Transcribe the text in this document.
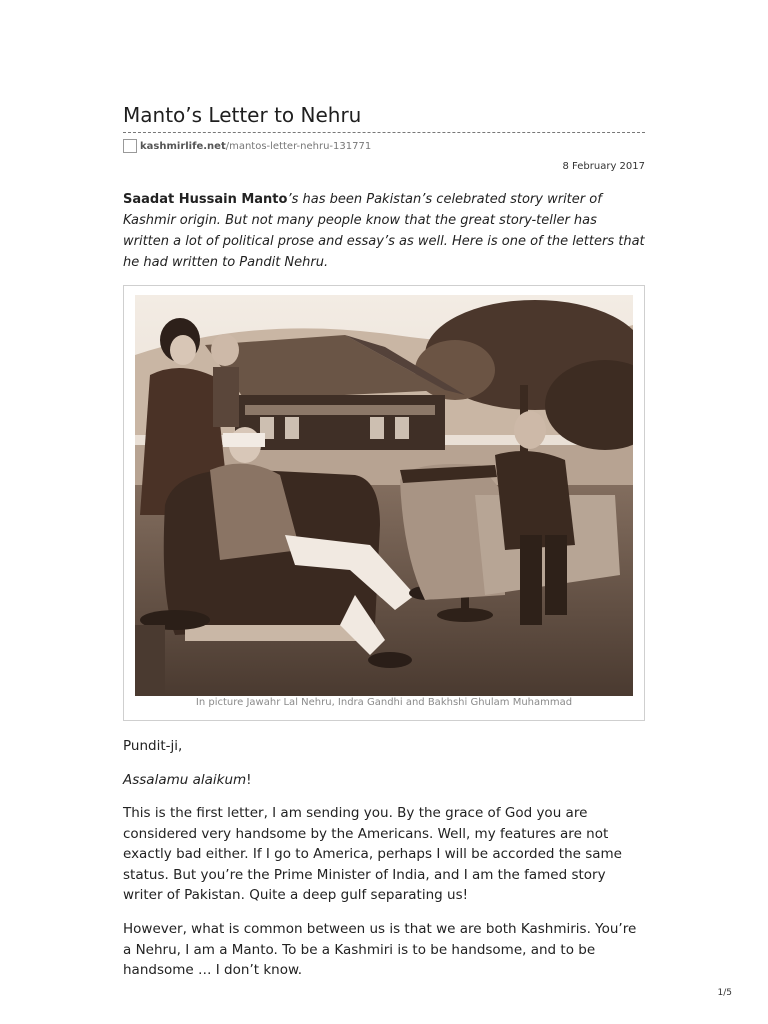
Manto’s Letter to Nehru
kashmirlife.net /mantos-letter-nehru-131771
8 February 2017

Saadat Hussain Manto’s has been Pakistan’s celebrated story writer of Kashmir origin. But not many people know that the great story-teller has written a lot of political prose and essay’s as well. Here is one of the letters that he had written to Pandit Nehru.

In picture Jawahr Lal Nehru, Indra Gandhi and Bakhshi Ghulam Muhammad

Pundit-ji,

Assalamu alaikum!

This is the first letter, I am sending you. By the grace of God you are considered very handsome by the Americans. Well, my features are not exactly bad either. If I go to America, perhaps I will be accorded the same status. But you’re the Prime Minister of India, and I am the famed story writer of Pakistan. Quite a deep gulf separating us!

However, what is common between us is that we are both Kashmiris. You’re a Nehru, I am a Manto. To be a Kashmiri is to be handsome, and to be handsome … I don’t know.

1/5
